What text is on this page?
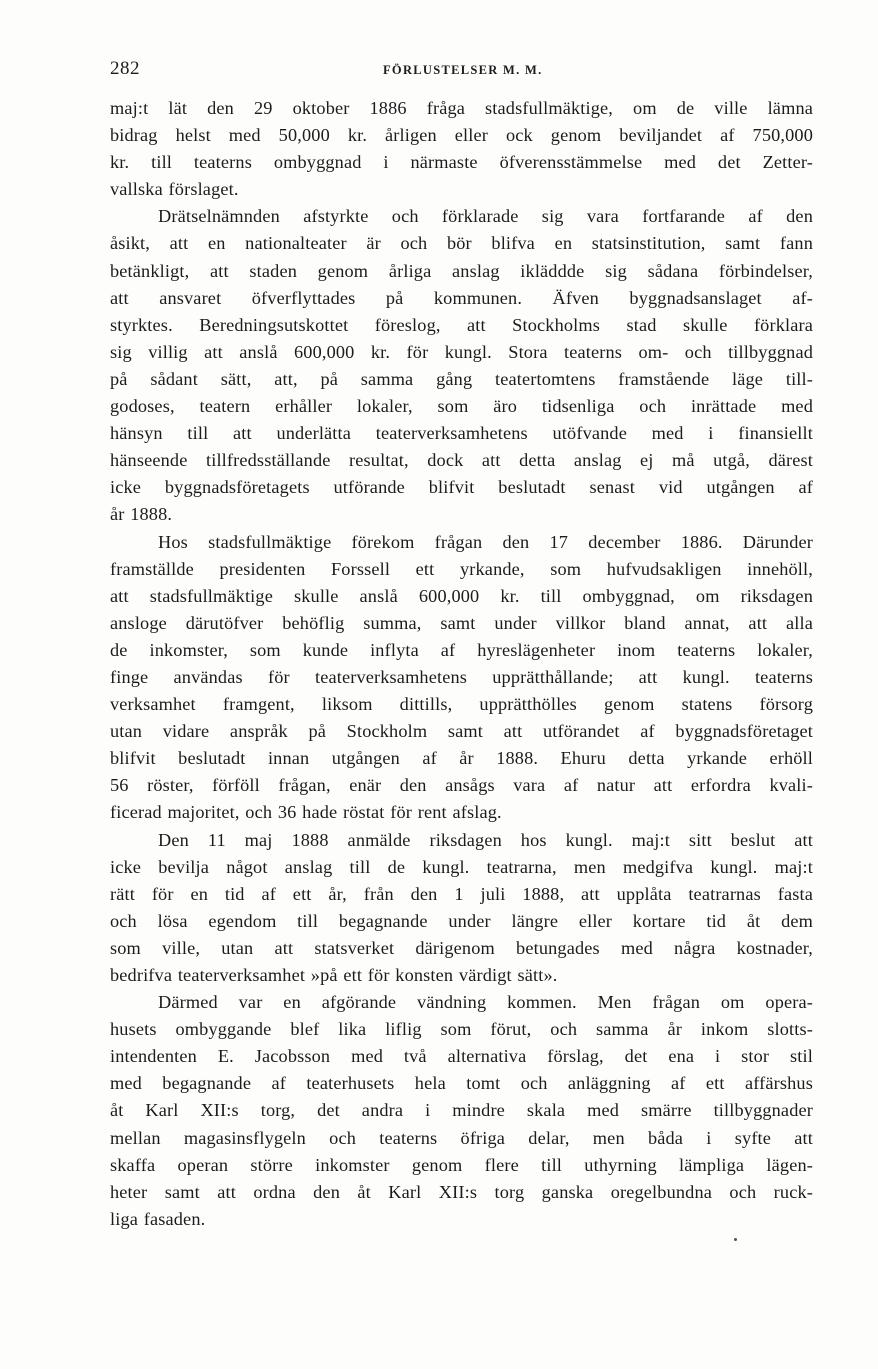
282	FÖRLUSTELSER M. M.
maj:t lät den 29 oktober 1886 fråga stadsfullmäktige, om de ville lämna
bidrag helst med 50,000 kr. årligen eller ock genom beviljandet af 750,000
kr. till teaterns ombyggnad i närmaste öfverensstämmelse med det Zetter-
vallska förslaget.
Drätselnämnden afstyrkte och förklarade sig vara fortfarande af den
åsikt, att en nationalteater är och bör blifva en statsinstitution, samt fann
betänkligt, att staden genom årliga anslag ikläddde sig sådana förbindelser,
att ansvaret öfverflyttades på kommunen. Äfven byggnadsanslaget af-
styrktes. Beredningsutskottet föreslog, att Stockholms stad skulle förklara
sig villig att anslå 600,000 kr. för kungl. Stora teaterns om- och tillbyggnad
på sådant sätt, att, på samma gång teatertomtens framstående läge till-
godoses, teatern erhåller lokaler, som äro tidsenliga och inrättade med
hänsyn till att underlätta teaterverksamhetens utöfvande med i finansiellt
hänseende tillfredsställande resultat, dock att detta anslag ej må utgå, därest
icke byggnadsföretagets utförande blifvit beslutadt senast vid utgången af
år 1888.
Hos stadsfullmäktige förekom frågan den 17 december 1886. Därunder
framställde presidenten Forssell ett yrkande, som hufvudsakligen innehöll,
att stadsfullmäktige skulle anslå 600,000 kr. till ombyggnad, om riksdagen
ansloge därutöfver behöflig summa, samt under villkor bland annat, att alla
de inkomster, som kunde inflyta af hyreslägenheter inom teaterns lokaler,
finge användas för teaterverksamhetens upprätthållande; att kungl. teaterns
verksamhet framgent, liksom dittills, upprätthölles genom statens försorg
utan vidare anspråk på Stockholm samt att utförandet af byggnadsföretaget
blifvit beslutadt innan utgången af år 1888. Ehuru detta yrkande erhöll
56 röster, förföll frågan, enär den ansågs vara af natur att erfordra kvali-
ficerad majoritet, och 36 hade röstat för rent afslag.
Den 11 maj 1888 anmälde riksdagen hos kungl. maj:t sitt beslut att
icke bevilja något anslag till de kungl. teatrarna, men medgifva kungl. maj:t
rätt för en tid af ett år, från den 1 juli 1888, att upplåta teatrarnas fasta
och lösa egendom till begagnande under längre eller kortare tid åt dem
som ville, utan att statsverket därigenom betungades med några kostnader,
bedrifva teaterverksamhet »på ett för konsten värdigt sätt».
Därmed var en afgörande vändning kommen. Men frågan om opera-
husets ombyggande blef lika liflig som förut, och samma år inkom slotts-
intendenten E. Jacobsson med två alternativa förslag, det ena i stor stil
med begagnande af teaterhusets hela tomt och anläggning af ett affärshus
åt Karl XII:s torg, det andra i mindre skala med smärre tillbyggnader
mellan magasinsflygeln och teaterns öfriga delar, men båda i syfte att
skaffa operan större inkomster genom flere till uthyrning lämpliga lägen-
heter samt att ordna den åt Karl XII:s torg ganska oregelbundna och ruck-
liga fasaden.
